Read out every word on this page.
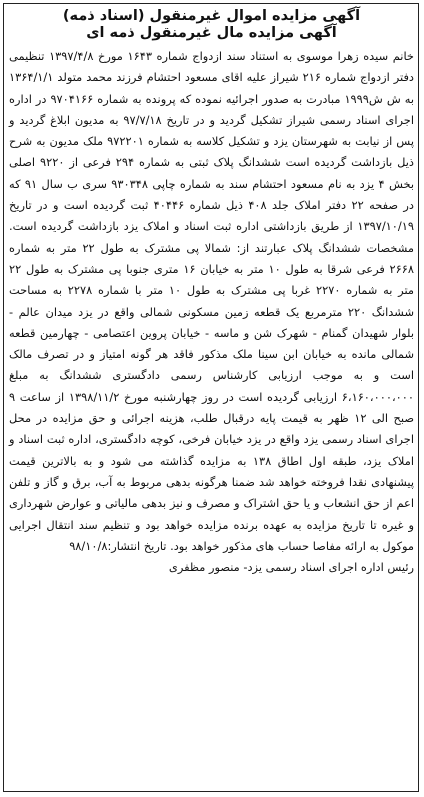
آگهی مزایده اموال غیرمنقول (اسناد ذمه)

آگهی مزایده مال غیرمنقول ذمه ای

خانم سیده زهرا موسوی به استناد سند ازدواج شماره ۱۶۴۳ مورخ ۱۳۹۷/۴/۸ تنظیمی دفتر ازدواج شماره ۲۱۶ شیراز علیه اقای مسعود احتشام فرزند محمد متولد ۱۳۶۴/۱/۱ به ش ش۱۹۹۹ مبادرت به صدور اجرائیه نموده که پرونده به شماره ۹۷۰۴۱۶۶ در اداره اجرای اسناد رسمی شیراز تشکیل گردید و در تاریخ ۹۷/۷/۱۸ به مدیون ابلاغ گردید و پس از نیابت به شهرستان یزد و تشکیل کلاسه به شماره ۹۷۲۲۰۱ ملک مدیون به شرح ذیل بازداشت گردیده است ششدانگ پلاک ثبتی به شماره ۲۹۴ فرعی از ۹۲۲۰ اصلی بخش ۴ یزد به نام مسعود احتشام سند به شماره چاپی ۹۳۰۳۴۸ سری ب سال ۹۱ که در صفحه ۲۲ دفتر املاک جلد ۴۰۸ ذیل شماره ۴۰۴۴۶ ثبت گردیده است و در تاریخ ۱۳۹۷/۱۰/۱۹ از طریق بازداشتی اداره ثبت اسناد و املاک یزد بازداشت گردیده است. مشخصات ششدانگ پلاک عبارتند از: شمالا پی مشترک به طول ۲۲ متر به شماره ۲۶۶۸ فرعی شرقا به طول ۱۰ متر به خیابان ۱۶ متری جنوبا پی مشترک به طول ۲۲ متر به شماره ۲۲۷۰ غربا پی مشترک به طول ۱۰ متر با شماره ۲۲۷۸ به مساحت ششدانگ ۲۲۰ مترمربع یک قطعه زمین مسکونی شمالی واقع در یزد میدان عالم - بلوار شهیدان گمنام - شهرک شن و ماسه - خیابان پروین اعتصامی - چهارمین قطعه شمالی مانده به خیابان ابن سینا ملک مذکور فاقد هر گونه امتیاز و در تصرف مالک است و به موجب ارزیابی کارشناس رسمی دادگستری ششدانگ به مبلغ ۶،۱۶۰،۰۰۰،۰۰۰ ارزیابی گردیده است در روز چهارشنبه مورخ ۱۳۹۸/۱۱/۲ از ساعت ۹ صبح الی ۱۲ ظهر به قیمت پایه درقبال طلب، هزینه اجرائی و حق مزایده در محل اجرای اسناد رسمی یزد واقع در یزد خیابان فرخی، کوچه دادگستری، اداره ثبت اسناد و املاک یزد، طبقه اول اطاق ۱۳۸ به مزایده گذاشته می شود و به بالاترین قیمت پیشنهادی نقدا فروخته خواهد شد ضمنا هرگونه بدهی مربوط به آب، برق و گاز و تلفن اعم از حق انشعاب و یا حق اشتراک و مصرف و نیز بدهی مالیاتی و عوارض شهرداری و غیره تا تاریخ مزایده به عهده برنده مزایده خواهد بود و تنظیم سند انتقال اجرایی موکول به ارائه مفاصا حساب های مذکور خواهد بود. تاریخ انتشار:۹۸/۱۰/۸

رئیس اداره اجرای اسناد رسمی یزد- منصور مظفری
